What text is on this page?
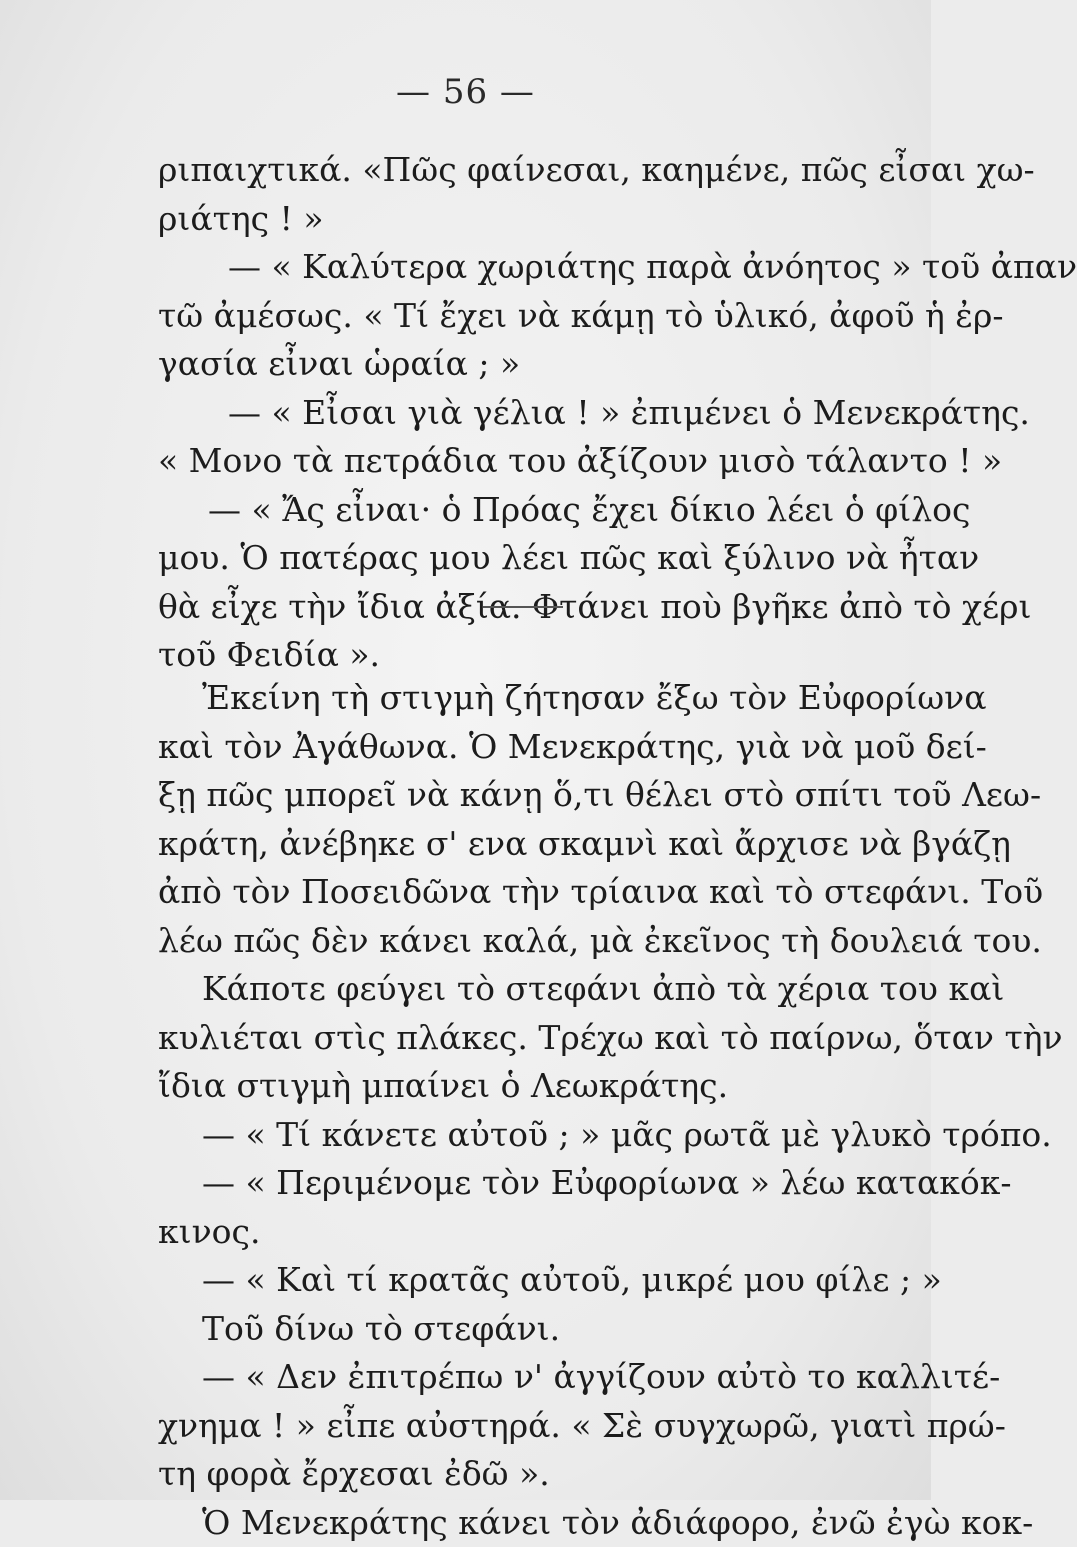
— 56 —
ριπαιχτικά. «Πῶς φαίνεσαι, καημένε, πῶς εἶσαι χω-
ριάτης ! »
— « Καλύτερα χωριάτης παρὰ ἀνόητος » τοῦ ἀπαν
τῶ ἀμέσως. « Τί ἔχει νὰ κάμῃ τὸ ὑλικό, ἀφοῦ ἡ ἐρ-
γασία εἶναι ὡραία ; »
— « Εἶσαι γιὰ γέλια ! » ἐπιμένει ὁ Μενεκράτης.
« Μονο τὰ πετράδια του ἀξίζουν μισὸ τάλαντο ! »
— « Ἄς εἶναι· ὁ Πρόας ἔχει δίκιο λέει ὁ φίλος
μου. Ὁ πατέρας μου λέει πῶς καὶ ξύλινο νὰ ἦταν
θὰ εἶχε τὴν ἴδια ἀξία. Φτάνει ποὺ βγῆκε ἀπὸ τὸ χέρι
τοῦ Φειδία ».
Ἐκείνη τὴ στιγμὴ ζήτησαν ἔξω τὸν Εὐφορίωνα
καὶ τὸν Ἀγάθωνα. Ὁ Μενεκράτης, γιὰ νὰ μοῦ δεί-
ξῃ πῶς μπορεῖ νὰ κάνῃ ὅ,τι θέλει στὸ σπίτι τοῦ Λεω-
κράτη, ἀνέβηκε σ' ενα σκαμνὶ καὶ ἄρχισε νὰ βγάζῃ
ἀπὸ τὸν Ποσειδῶνα τὴν τρίαινα καὶ τὸ στεφάνι. Τοῦ
λέω πῶς δὲν κάνει καλά, μὰ ἐκεῖνος τὴ δουλειά του.
Κάποτε φεύγει τὸ στεφάνι ἀπὸ τὰ χέρια του καὶ
κυλιέται στὶς πλάκες. Τρέχω καὶ τὸ παίρνω, ὅταν τὴν
ἴδια στιγμὴ μπαίνει ὁ Λεωκράτης.
— « Τί κάνετε αὐτοῦ ; » μᾶς ρωτᾶ μὲ γλυκὸ τρόπο.
— « Περιμένομε τὸν Εὐφορίωνα » λέω κατακόκ-
κινος.
— « Καὶ τί κρατᾶς αὐτοῦ, μικρέ μου φίλε ; »
Τοῦ δίνω τὸ στεφάνι.
— « Δεν ἐπιτρέπω ν' ἀγγίζουν αὐτὸ το καλλιτέ-
χνημα ! » εἶπε αὐστηρά. « Σὲ συγχωρῶ, γιατὶ πρώ-
τη φορὰ ἔρχεσαι ἐδῶ ».
Ὁ Μενεκράτης κάνει τὸν ἀδιάφορο, ἐνῶ ἐγὼ κοκ-
